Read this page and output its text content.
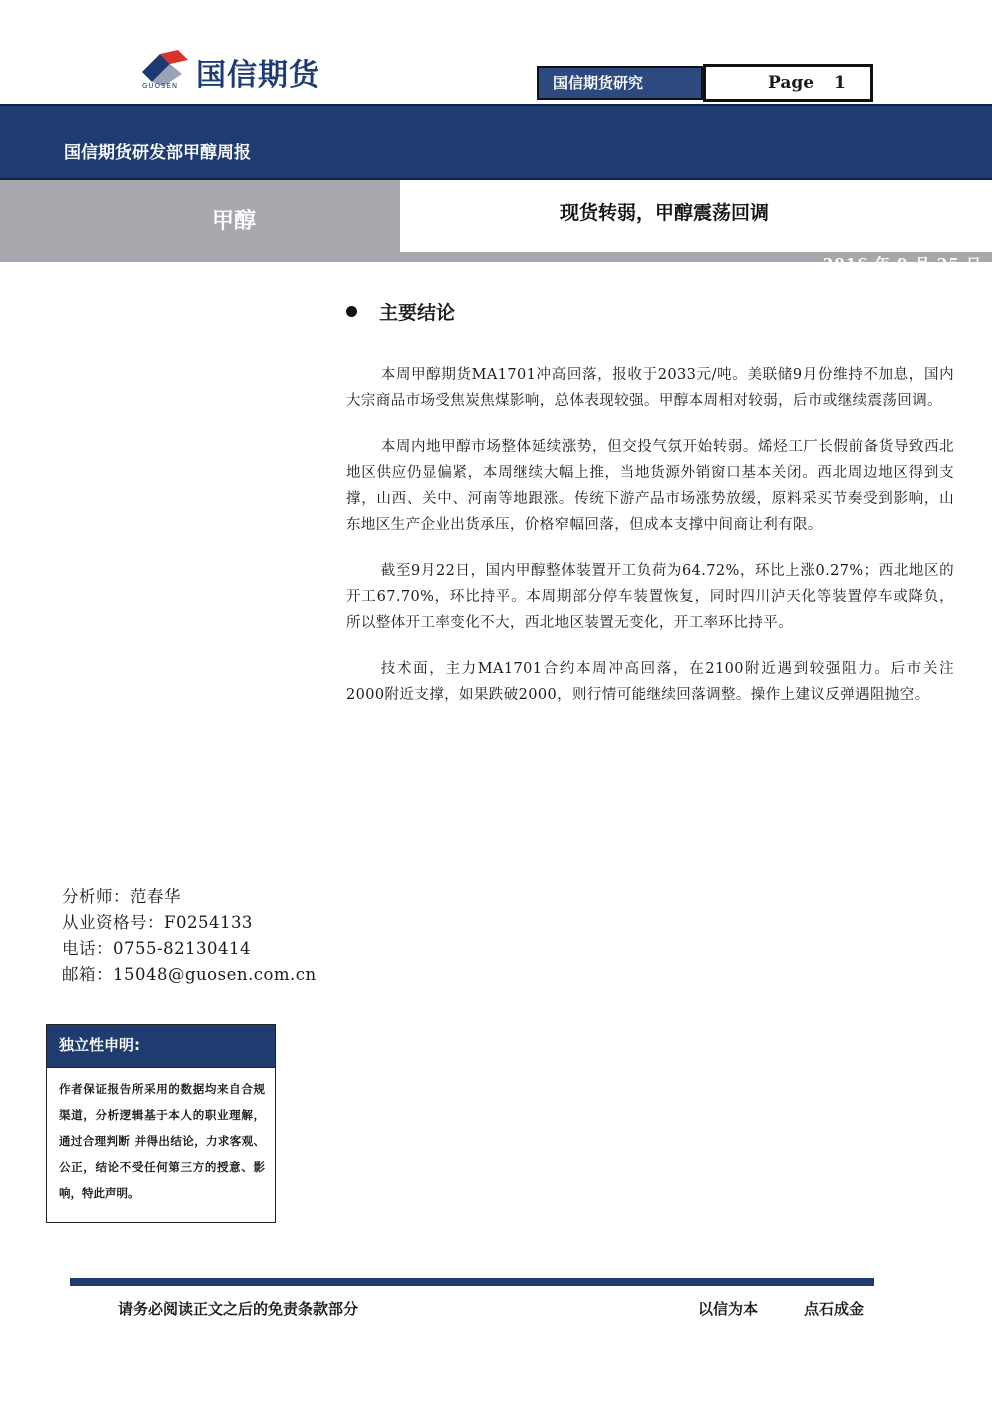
国信期货
GUOSEN	国信期货研究	Page 1
国信期货研发部甲醇周报
甲醇	现货转弱，甲醇震荡回调
2016 年 9 月 25 日
主要结论

本周甲醇期货MA1701冲高回落，报收于2033元/吨。美联储9月份维持不加息，国内大宗商品市场受焦炭焦煤影响，总体表现较强。甲醇本周相对较弱，后市或继续震荡回调。

本周内地甲醇市场整体延续涨势，但交投气氛开始转弱。烯烃工厂长假前备货导致西北地区供应仍显偏紧，本周继续大幅上推，当地货源外销窗口基本关闭。西北周边地区得到支撑，山西、关中、河南等地跟涨。传统下游产品市场涨势放缓，原料采买节奏受到影响，山东地区生产企业出货承压，价格窄幅回落，但成本支撑中间商让利有限。

截至9月22日，国内甲醇整体装置开工负荷为64.72%，环比上涨0.27%；西北地区的开工67.70%，环比持平。本周期部分停车装置恢复，同时四川泸天化等装置停车或降负，所以整体开工率变化不大，西北地区装置无变化，开工率环比持平。

技术面，主力MA1701合约本周冲高回落，在2100附近遇到较强阻力。后市关注2000附近支撑，如果跌破2000，则行情可能继续回落调整。操作上建议反弹遇阻抛空。

分析师：范春华
从业资格号：F0254133
电话：0755-82130414
邮箱：15048@guosen.com.cn
独立性申明:
作者保证报告所采用的数据均来自合规渠道，分析逻辑基于本人的职业理解，通过合理判断 并得出结论，力求客观、公正，结论不受任何第三方的授意、影响，特此声明。
请务必阅读正文之后的免责条款部分	以信为本	点石成金
